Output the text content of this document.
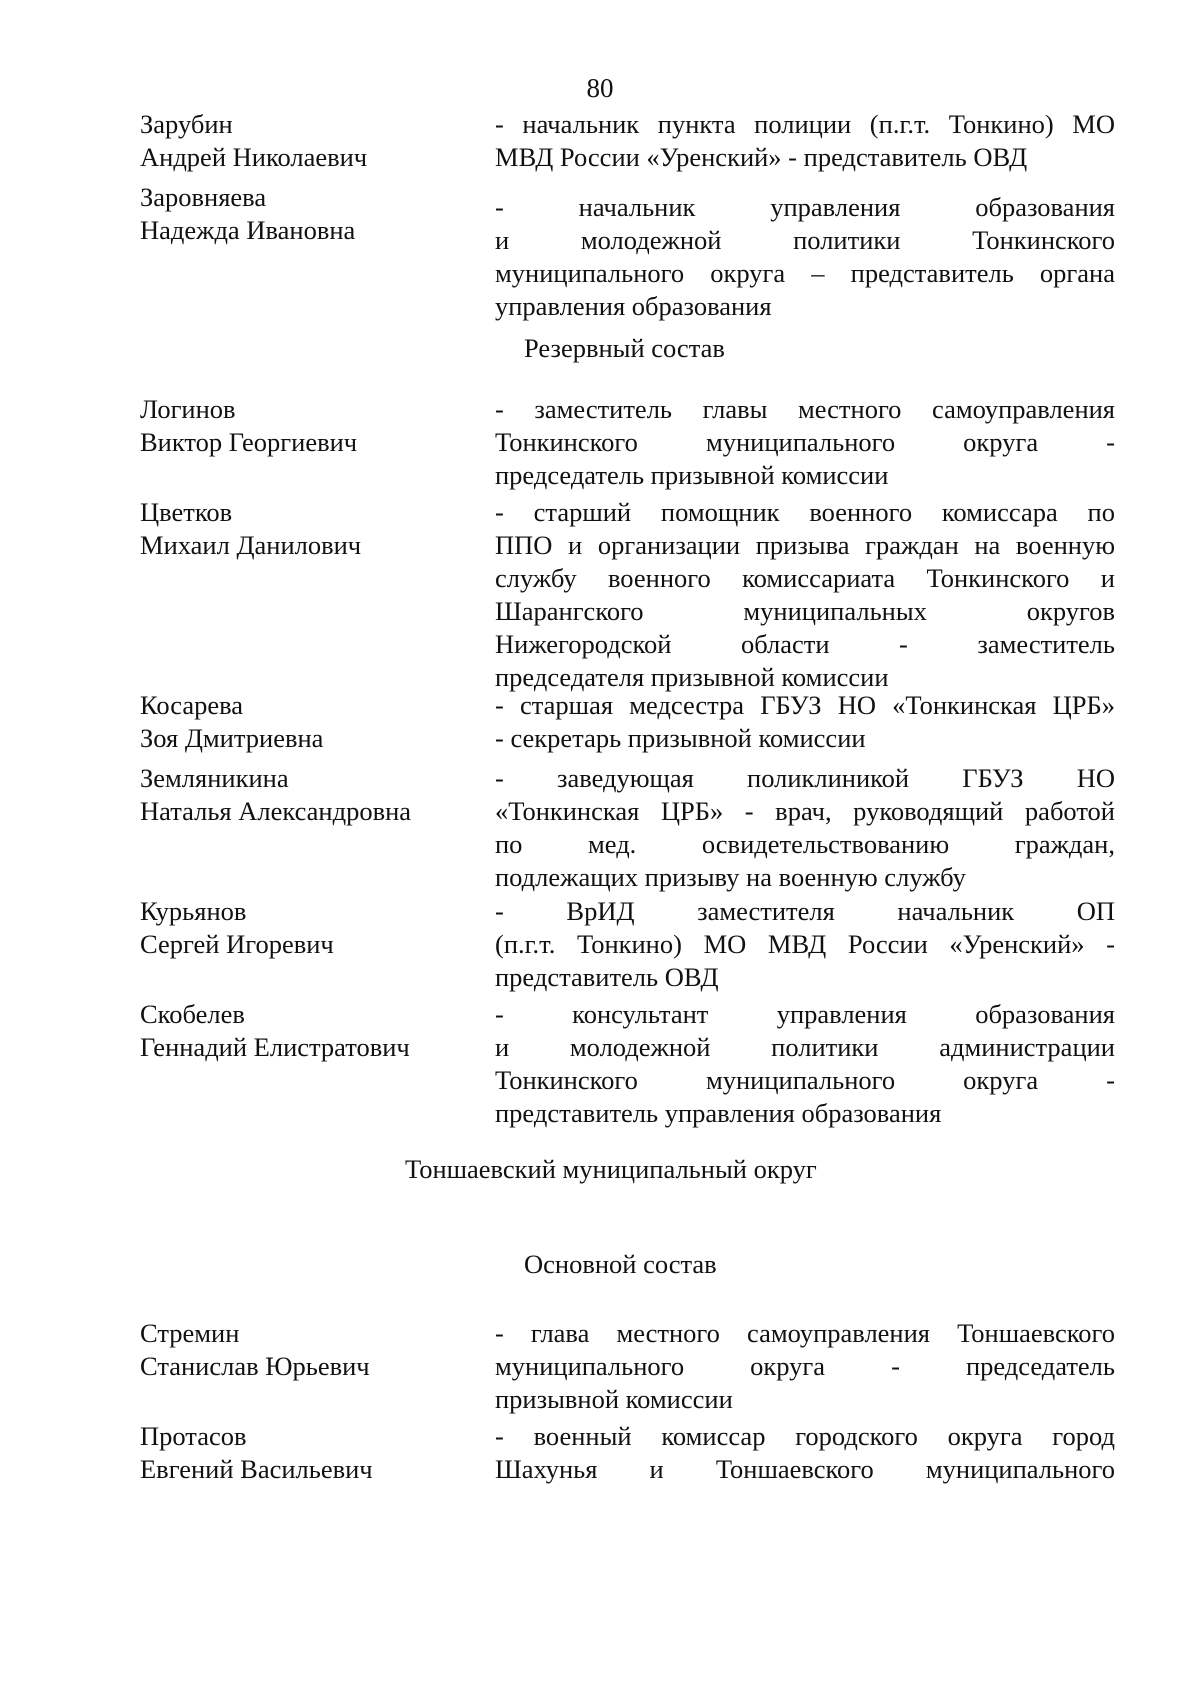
80
Зарубин
Андрей Николаевич
- начальник пункта полиции (п.г.т. Тонкино) МО
МВД России «Уренский» - представитель ОВД
Заровняева
Надежда Ивановна
- начальник управления образования
и молодежной политики Тонкинского
муниципального округа – представитель органа
управления образования
Резервный состав
Логинов
Виктор Георгиевич
- заместитель главы местного самоуправления
Тонкинского муниципального округа -
председатель призывной комиссии
Цветков
Михаил Данилович
- старший помощник военного комиссара по
ППО и организации призыва граждан на военную
службу военного комиссариата Тонкинского и
Шарангского муниципальных округов
Нижегородской области - заместитель
председателя призывной комиссии
Косарева
Зоя Дмитриевна
- старшая медсестра ГБУЗ НО «Тонкинская ЦРБ»
- секретарь призывной комиссии
Земляникина
Наталья Александровна
- заведующая поликлиникой ГБУЗ НО
«Тонкинская ЦРБ» - врач, руководящий работой
по мед. освидетельствованию граждан,
подлежащих призыву на военную службу
Курьянов
Сергей Игоревич
- ВрИД заместителя начальник ОП
(п.г.т. Тонкино) МО МВД России «Уренский» -
представитель ОВД
Скобелев
Геннадий Елистратович
- консультант управления образования
и молодежной политики администрации
Тонкинского муниципального округа -
представитель управления образования
Тоншаевский муниципальный округ
Основной состав
Стремин
Станислав Юрьевич
- глава местного самоуправления Тоншаевского
муниципального округа - председатель
призывной комиссии
Протасов
Евгений Васильевич
- военный комиссар городского округа город
Шахунья и Тоншаевского муниципального
